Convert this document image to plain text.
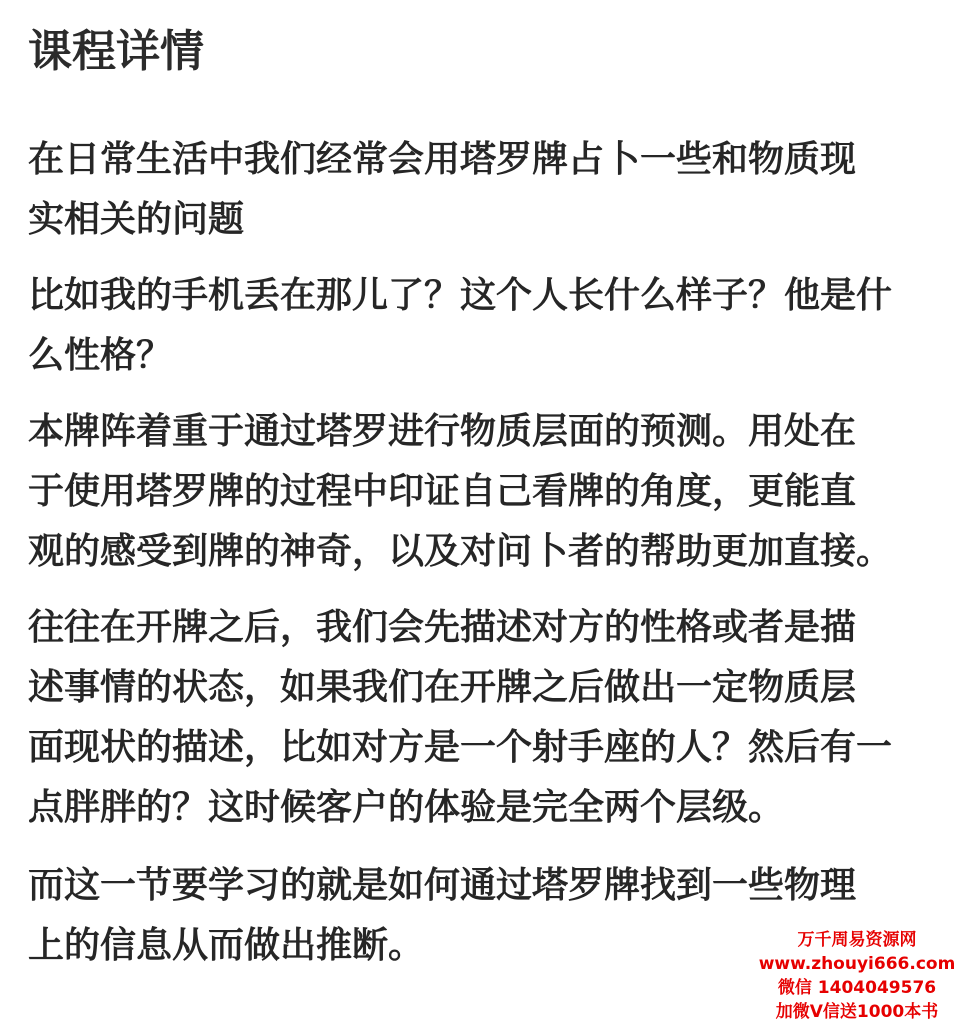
课程详情
在日常生活中我们经常会用塔罗牌占卜一些和物质现
实相关的问题
比如我的手机丢在那儿了？这个人长什么样子？他是什
么性格？
本牌阵着重于通过塔罗进行物质层面的预测。用处在
于使用塔罗牌的过程中印证自己看牌的角度，更能直
观的感受到牌的神奇，以及对问卜者的帮助更加直接。
往往在开牌之后，我们会先描述对方的性格或者是描
述事情的状态，如果我们在开牌之后做出一定物质层
面现状的描述，比如对方是一个射手座的人？然后有一
点胖胖的？这时候客户的体验是完全两个层级。
而这一节要学习的就是如何通过塔罗牌找到一些物理
上的信息从而做出推断。	万千周易资源网
www.zhouyi666.com
微信 1404049576
加微V信送1000本书
